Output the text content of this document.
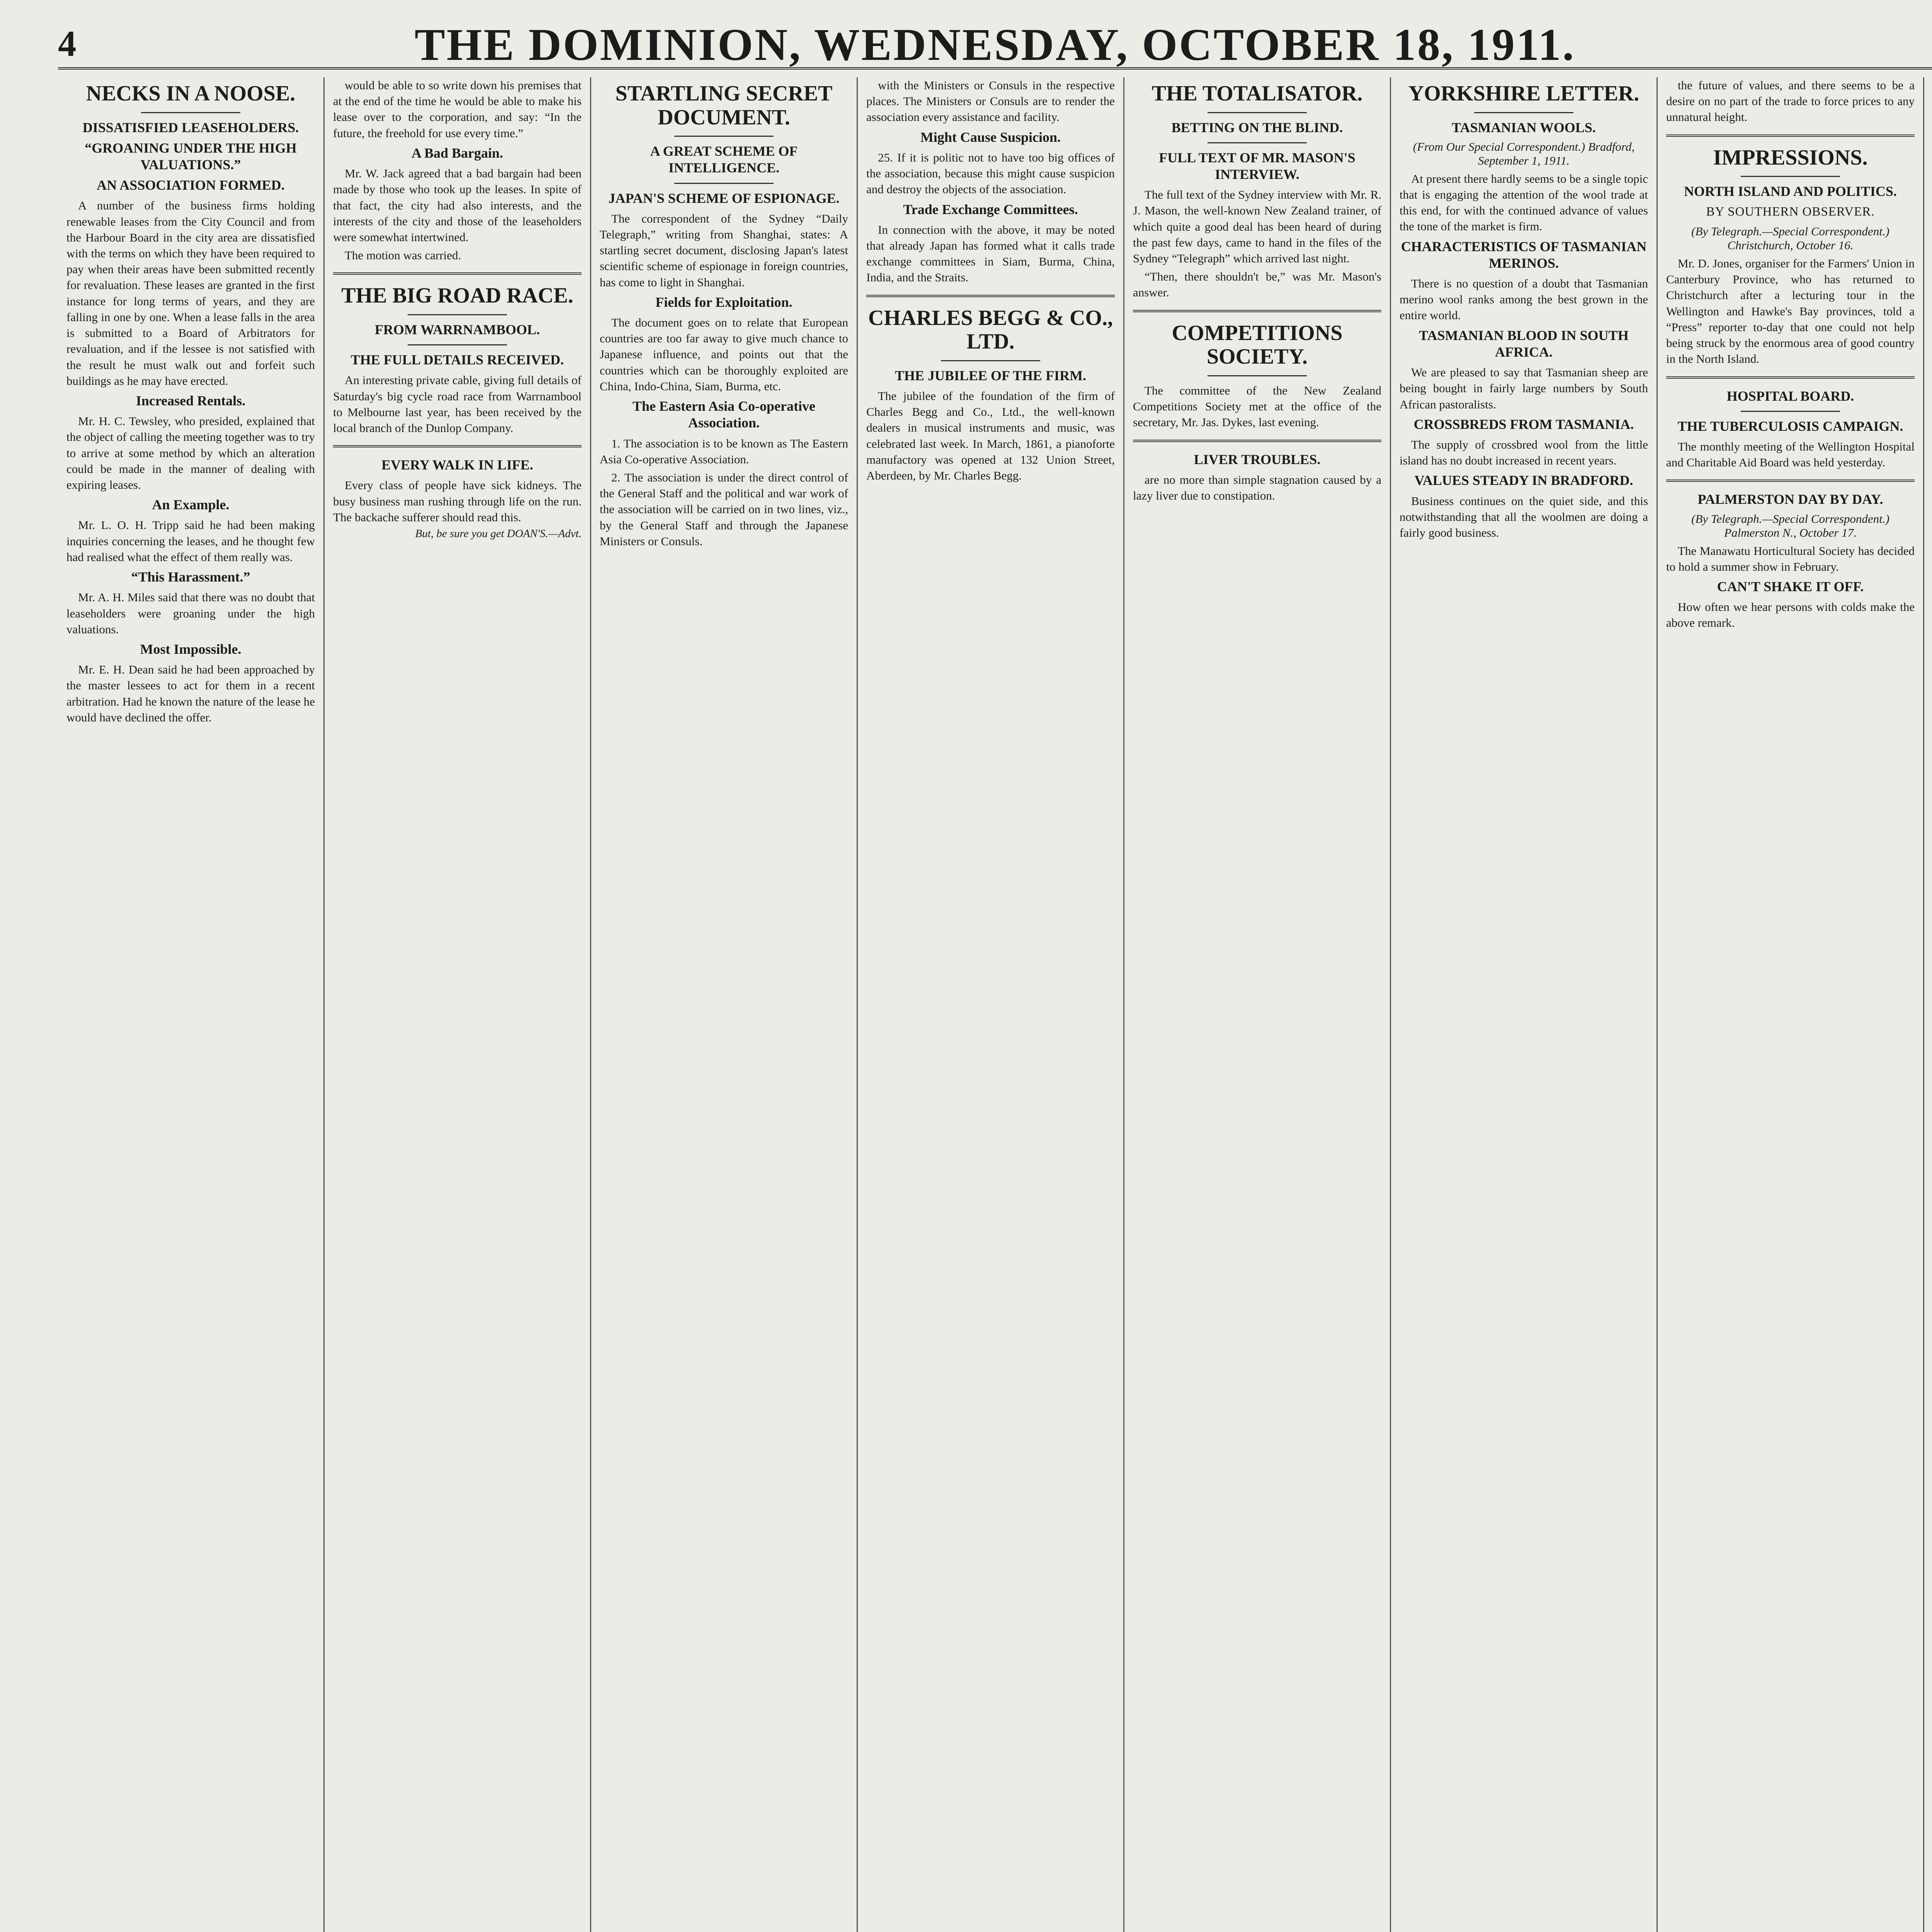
4	THE DOMINION, WEDNESDAY, OCTOBER 18, 1911.
NECKS IN A NOOSE.
DISSATISFIED LEASEHOLDERS.
“GROANING UNDER THE HIGH VALUATIONS.”
AN ASSOCIATION FORMED.

A number of the business firms holding renewable leases from the City Council and from the Harbour Board in the city area are dissatisfied with the terms on which they have been required to pay when their areas have been submitted recently for revaluation. These leases are granted in the first instance for long terms of years, and they are falling in one by one. When a lease falls in the area is submitted to a Board of Arbitrators for revaluation, and if the lessee is not satisfied with the result he must walk out and forfeit such buildings as he may have erected.

Increased Rentals.

Mr. H. C. Tewsley, who presided, explained that the object of calling the meeting together was to try to arrive at some method by which an alteration could be made in the manner of dealing with expiring leases.

An Example.

Mr. L. O. H. Tripp said he had been making inquiries concerning the leases, and he thought few had realised what the effect of them really was.

“This Harassment.”

Mr. A. H. Miles said that there was no doubt that leaseholders were groaning under the high valuations.

Most Impossible.

Mr. E. H. Dean said he had been approached by the master lessees to act for them in a recent arbitration. Had he known the nature of the lease he would have declined the offer.

would be able to so write down his premises that at the end of the time he would be able to make his lease over to the corporation, and say: “In the future, the freehold for use every time.”

A Bad Bargain.

Mr. W. Jack agreed that a bad bargain had been made by those who took up the leases. In spite of that fact, the city had also interests, and the interests of the city and those of the leaseholders were somewhat intertwined.

The motion was carried.

THE BIG ROAD RACE.
FROM WARRNAMBOOL.
THE FULL DETAILS RECEIVED.

An interesting private cable, giving full details of Saturday's big cycle road race from Warrnambool to Melbourne last year, has been received by the local branch of the Dunlop Company.

EVERY WALK IN LIFE.

Every class of people have sick kidneys. The busy business man rushing through life on the run. The backache sufferer should read this.

But, be sure you get DOAN'S.—Advt.
STARTLING SECRET DOCUMENT.
A GREAT SCHEME OF INTELLIGENCE.
JAPAN'S SCHEME OF ESPIONAGE.

The correspondent of the Sydney “Daily Telegraph,” writing from Shanghai, states: A startling secret document, disclosing Japan's latest scientific scheme of espionage in foreign countries, has come to light in Shanghai.

Fields for Exploitation.

The document goes on to relate that European countries are too far away to give much chance to Japanese influence, and points out that the countries which can be thoroughly exploited are China, Indo-China, Siam, Burma, etc.

The Eastern Asia Co-operative Association.

1. The association is to be known as The Eastern Asia Co-operative Association.

2. The association is under the direct control of the General Staff and the political and war work of the association will be carried on in two lines, viz., by the General Staff and through the Japanese Ministers or Consuls.

with the Ministers or Consuls in the respective places. The Ministers or Consuls are to render the association every assistance and facility.

Might Cause Suspicion.

25. If it is politic not to have too big offices of the association, because this might cause suspicion and destroy the objects of the association.

Trade Exchange Committees.

In connection with the above, it may be noted that already Japan has formed what it calls trade exchange committees in Siam, Burma, China, India, and the Straits.

CHARLES BEGG & CO., LTD.
THE JUBILEE OF THE FIRM.

The jubilee of the foundation of the firm of Charles Begg and Co., Ltd., the well-known dealers in musical instruments and music, was celebrated last week. In March, 1861, a pianoforte manufactory was opened at 132 Union Street, Aberdeen, by Mr. Charles Begg.

THE TOTALISATOR.
BETTING ON THE BLIND.
FULL TEXT OF MR. MASON'S INTERVIEW.

The full text of the Sydney interview with Mr. R. J. Mason, the well-known New Zealand trainer, of which quite a good deal has been heard of during the past few days, came to hand in the files of the Sydney “Telegraph” which arrived last night.

“Then, there shouldn't be,” was Mr. Mason's answer.

COMPETITIONS SOCIETY.

The committee of the New Zealand Competitions Society met at the office of the secretary, Mr. Jas. Dykes, last evening.

LIVER TROUBLES.

are no more than simple stagnation caused by a lazy liver due to constipation.

YORKSHIRE LETTER.
TASMANIAN WOOLS.
(From Our Special Correspondent.) Bradford, September 1, 1911.

At present there hardly seems to be a single topic that is engaging the attention of the wool trade at this end, for with the continued advance of values the tone of the market is firm.

CHARACTERISTICS OF TASMANIAN MERINOS.

There is no question of a doubt that Tasmanian merino wool ranks among the best grown in the entire world.

TASMANIAN BLOOD IN SOUTH AFRICA.

We are pleased to say that Tasmanian sheep are being bought in fairly large numbers by South African pastoralists.

CROSSBREDS FROM TASMANIA.

The supply of crossbred wool from the little island has no doubt increased in recent years.

VALUES STEADY IN BRADFORD.

Business continues on the quiet side, and this notwithstanding that all the woolmen are doing a fairly good business.

the future of values, and there seems to be a desire on no part of the trade to force prices to any unnatural height.

IMPRESSIONS.
NORTH ISLAND AND POLITICS.
BY SOUTHERN OBSERVER.
(By Telegraph.—Special Correspondent.) Christchurch, October 16.

Mr. D. Jones, organiser for the Farmers' Union in Canterbury Province, who has returned to Christchurch after a lecturing tour in the Wellington and Hawke's Bay provinces, told a “Press” reporter to-day that one could not help being struck by the enormous area of good country in the North Island.

HOSPITAL BOARD.
THE TUBERCULOSIS CAMPAIGN.

The monthly meeting of the Wellington Hospital and Charitable Aid Board was held yesterday.

PALMERSTON DAY BY DAY.
(By Telegraph.—Special Correspondent.) Palmerston N., October 17.

The Manawatu Horticultural Society has decided to hold a summer show in February.

CAN'T SHAKE IT OFF.

How often we hear persons with colds make the above remark.
